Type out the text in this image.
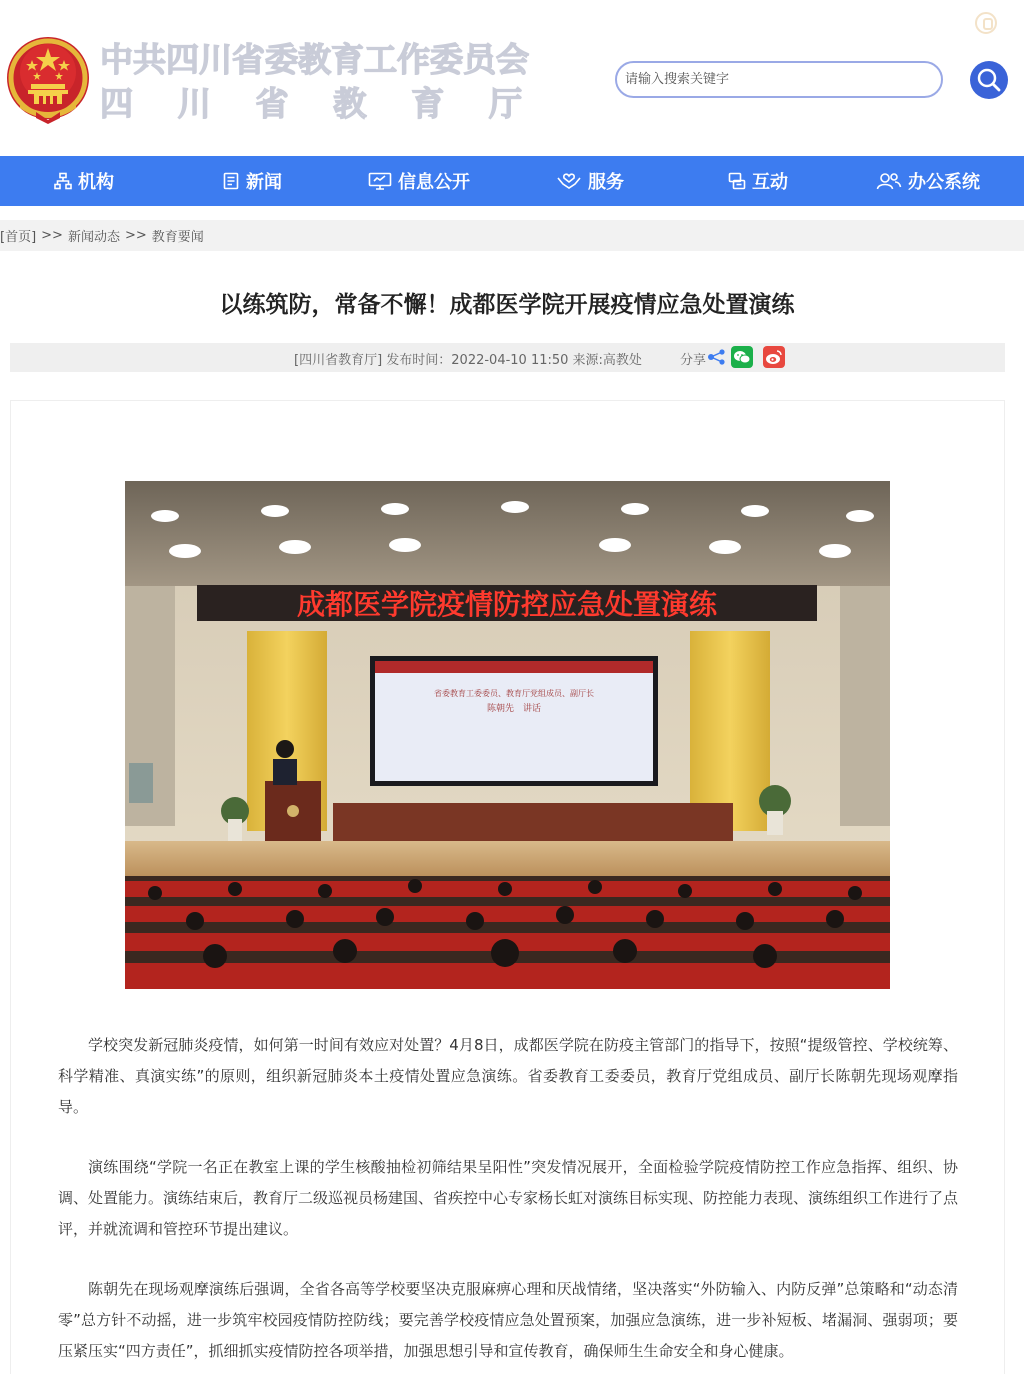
中共四川省委教育工作委员会
四 川 省 教 育 厅
请输入搜索关键字
机构	新闻	信息公开	服务	互动	办公系统
[首页] >> 新闻动态 >> 教育要闻
以练筑防，常备不懈！成都医学院开展疫情应急处置演练
[四川省教育厅] 发布时间：2022-04-10 11:50 来源:高教处	分享
成都医学院疫情防控应急处置演练
省委教育工委委员、教育厅党组成员、副厅长
陈朝先　讲话

学校突发新冠肺炎疫情，如何第一时间有效应对处置？4月8日，成都医学院在防疫主管部门的指导下，按照“提级管控、学校统筹、科学精准、真演实练”的原则，组织新冠肺炎本土疫情处置应急演练。省委教育工委委员，教育厅党组成员、副厅长陈朝先现场观摩指导。

演练围绕“学院一名正在教室上课的学生核酸抽检初筛结果呈阳性”突发情况展开，全面检验学院疫情防控工作应急指挥、组织、协调、处置能力。演练结束后，教育厅二级巡视员杨建国、省疾控中心专家杨长虹对演练目标实现、防控能力表现、演练组织工作进行了点评，并就流调和管控环节提出建议。

陈朝先在现场观摩演练后强调，全省各高等学校要坚决克服麻痹心理和厌战情绪，坚决落实“外防输入、内防反弹”总策略和“动态清零”总方针不动摇，进一步筑牢校园疫情防控防线；要完善学校疫情应急处置预案，加强应急演练，进一步补短板、堵漏洞、强弱项；要压紧压实“四方责任”，抓细抓实疫情防控各项举措，加强思想引导和宣传教育，确保师生生命安全和身心健康。
